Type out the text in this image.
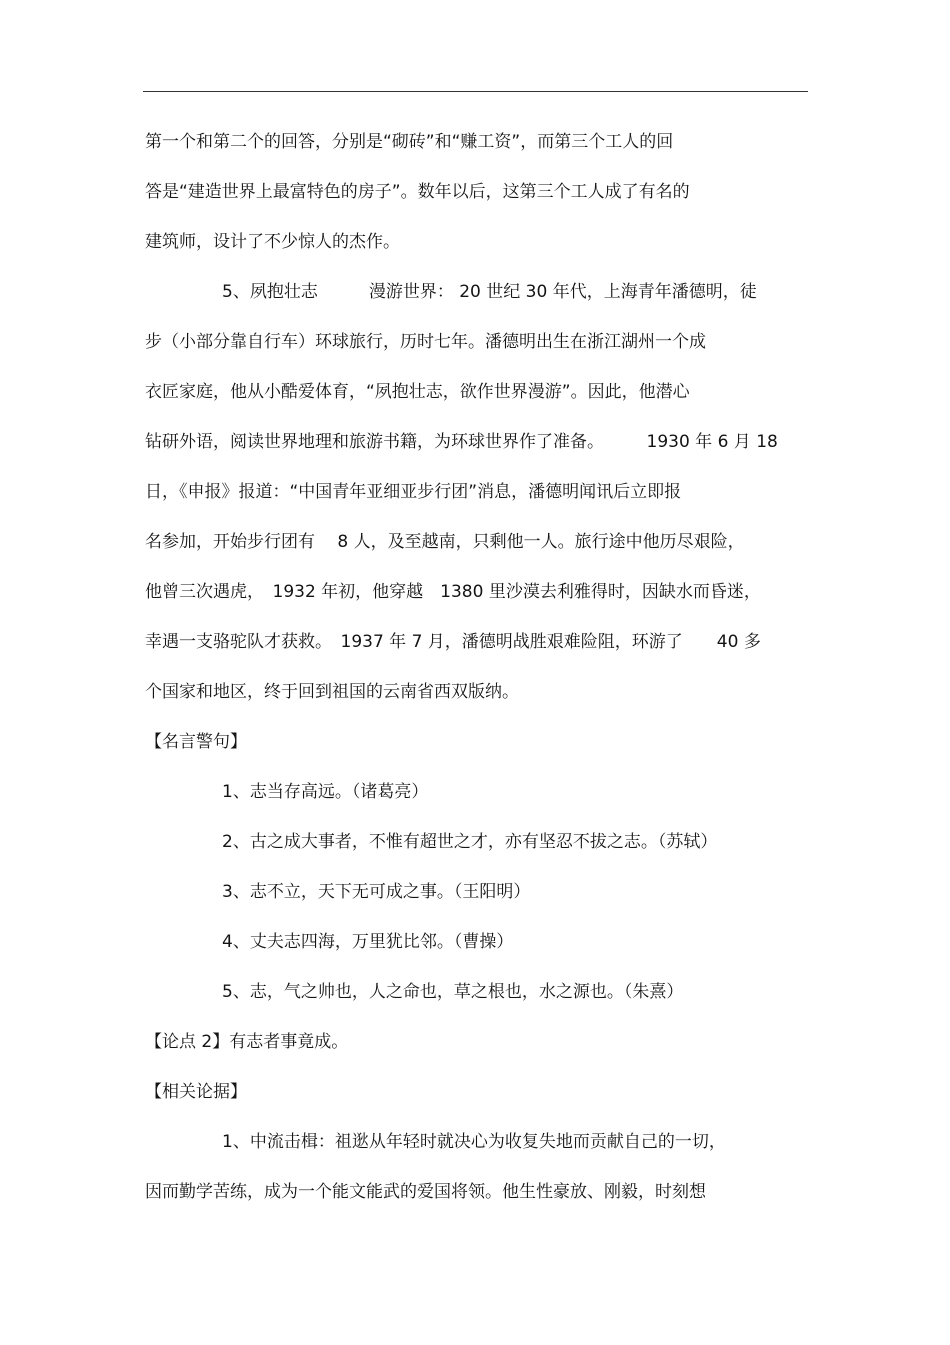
第一个和第二个的回答，分别是“砌砖”和“赚工资”，而第三个工人的回

答是“建造世界上最富特色的房子”。数年以后，这第三个工人成了有名的

建筑师，设计了不少惊人的杰作。

5、夙抱壮志　　　漫游世界： 20 世纪 30 年代，上海青年潘德明，徒

步（小部分靠自行车）环球旅行，历时七年。潘德明出生在浙江湖州一个成

衣匠家庭，他从小酷爱体育，“夙抱壮志，欲作世界漫游”。因此，他潜心

钻研外语，阅读世界地理和旅游书籍，为环球世界作了准备。　　　1930 年 6 月 18

日，《申报》报道：“中国青年亚细亚步行团”消息，潘德明闻讯后立即报

名参加，开始步行团有　 8 人，及至越南，只剩他一人。旅行途中他历尽艰险，

他曾三次遇虎，　1932 年初，他穿越　1380 里沙漠去利雅得时，因缺水而昏迷，

幸遇一支骆驼队才获救。　1937 年 7 月，潘德明战胜艰难险阻，环游了　　40 多

个国家和地区，终于回到祖国的云南省西双版纳。

【名言警句】

1、志当存高远。（诸葛亮）

2、古之成大事者，不惟有超世之才，亦有坚忍不拔之志。（苏轼）

3、志不立，天下无可成之事。（王阳明）

4、丈夫志四海，万里犹比邻。（曹操）

5、志，气之帅也，人之命也，草之根也，水之源也。（朱熹）

【论点 2】有志者事竟成。

【相关论据】

1、中流击楫：祖逖从年轻时就决心为收复失地而贡献自己的一切，

因而勤学苦练，成为一个能文能武的爱国将领。他生性豪放、刚毅，时刻想
